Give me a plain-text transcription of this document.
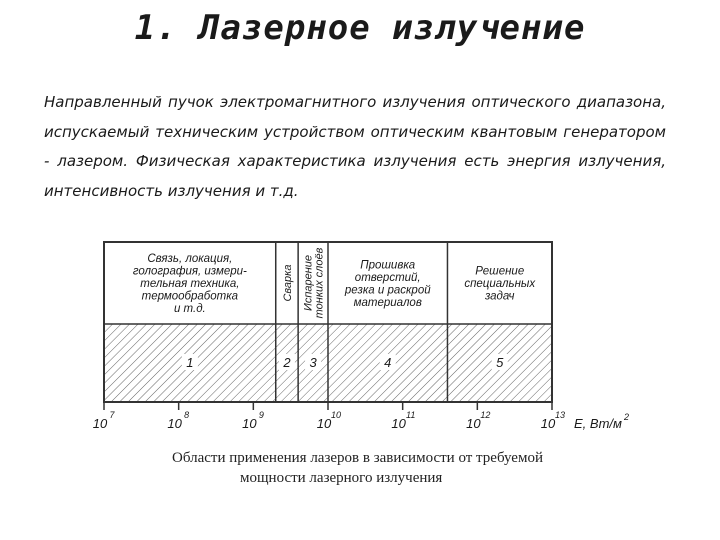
1. Лазерное излучение
Направленный пучок электромагнитного излучения оптического диапазона, испускаемый техническим устройством оптическим квантовым генератором - лазером. Физическая характеристика излучения есть энергия излучения, интенсивность излучения и т.д.
Связь, локация,
голография, измери-
тельная техника,
термообработка
и т.д.
1
Сварка
2
Испарение тонких слоёв
3
Прошивка
отверстий,
резка и раскрой
материалов
4
Решение
специальных
задач
5
10
7
10
8
10
9
10
10
10
11
10
12
10
13
E, Вт/м 2
Области применения лазеров в зависимости от требуемой
мощности лазерного излучения
